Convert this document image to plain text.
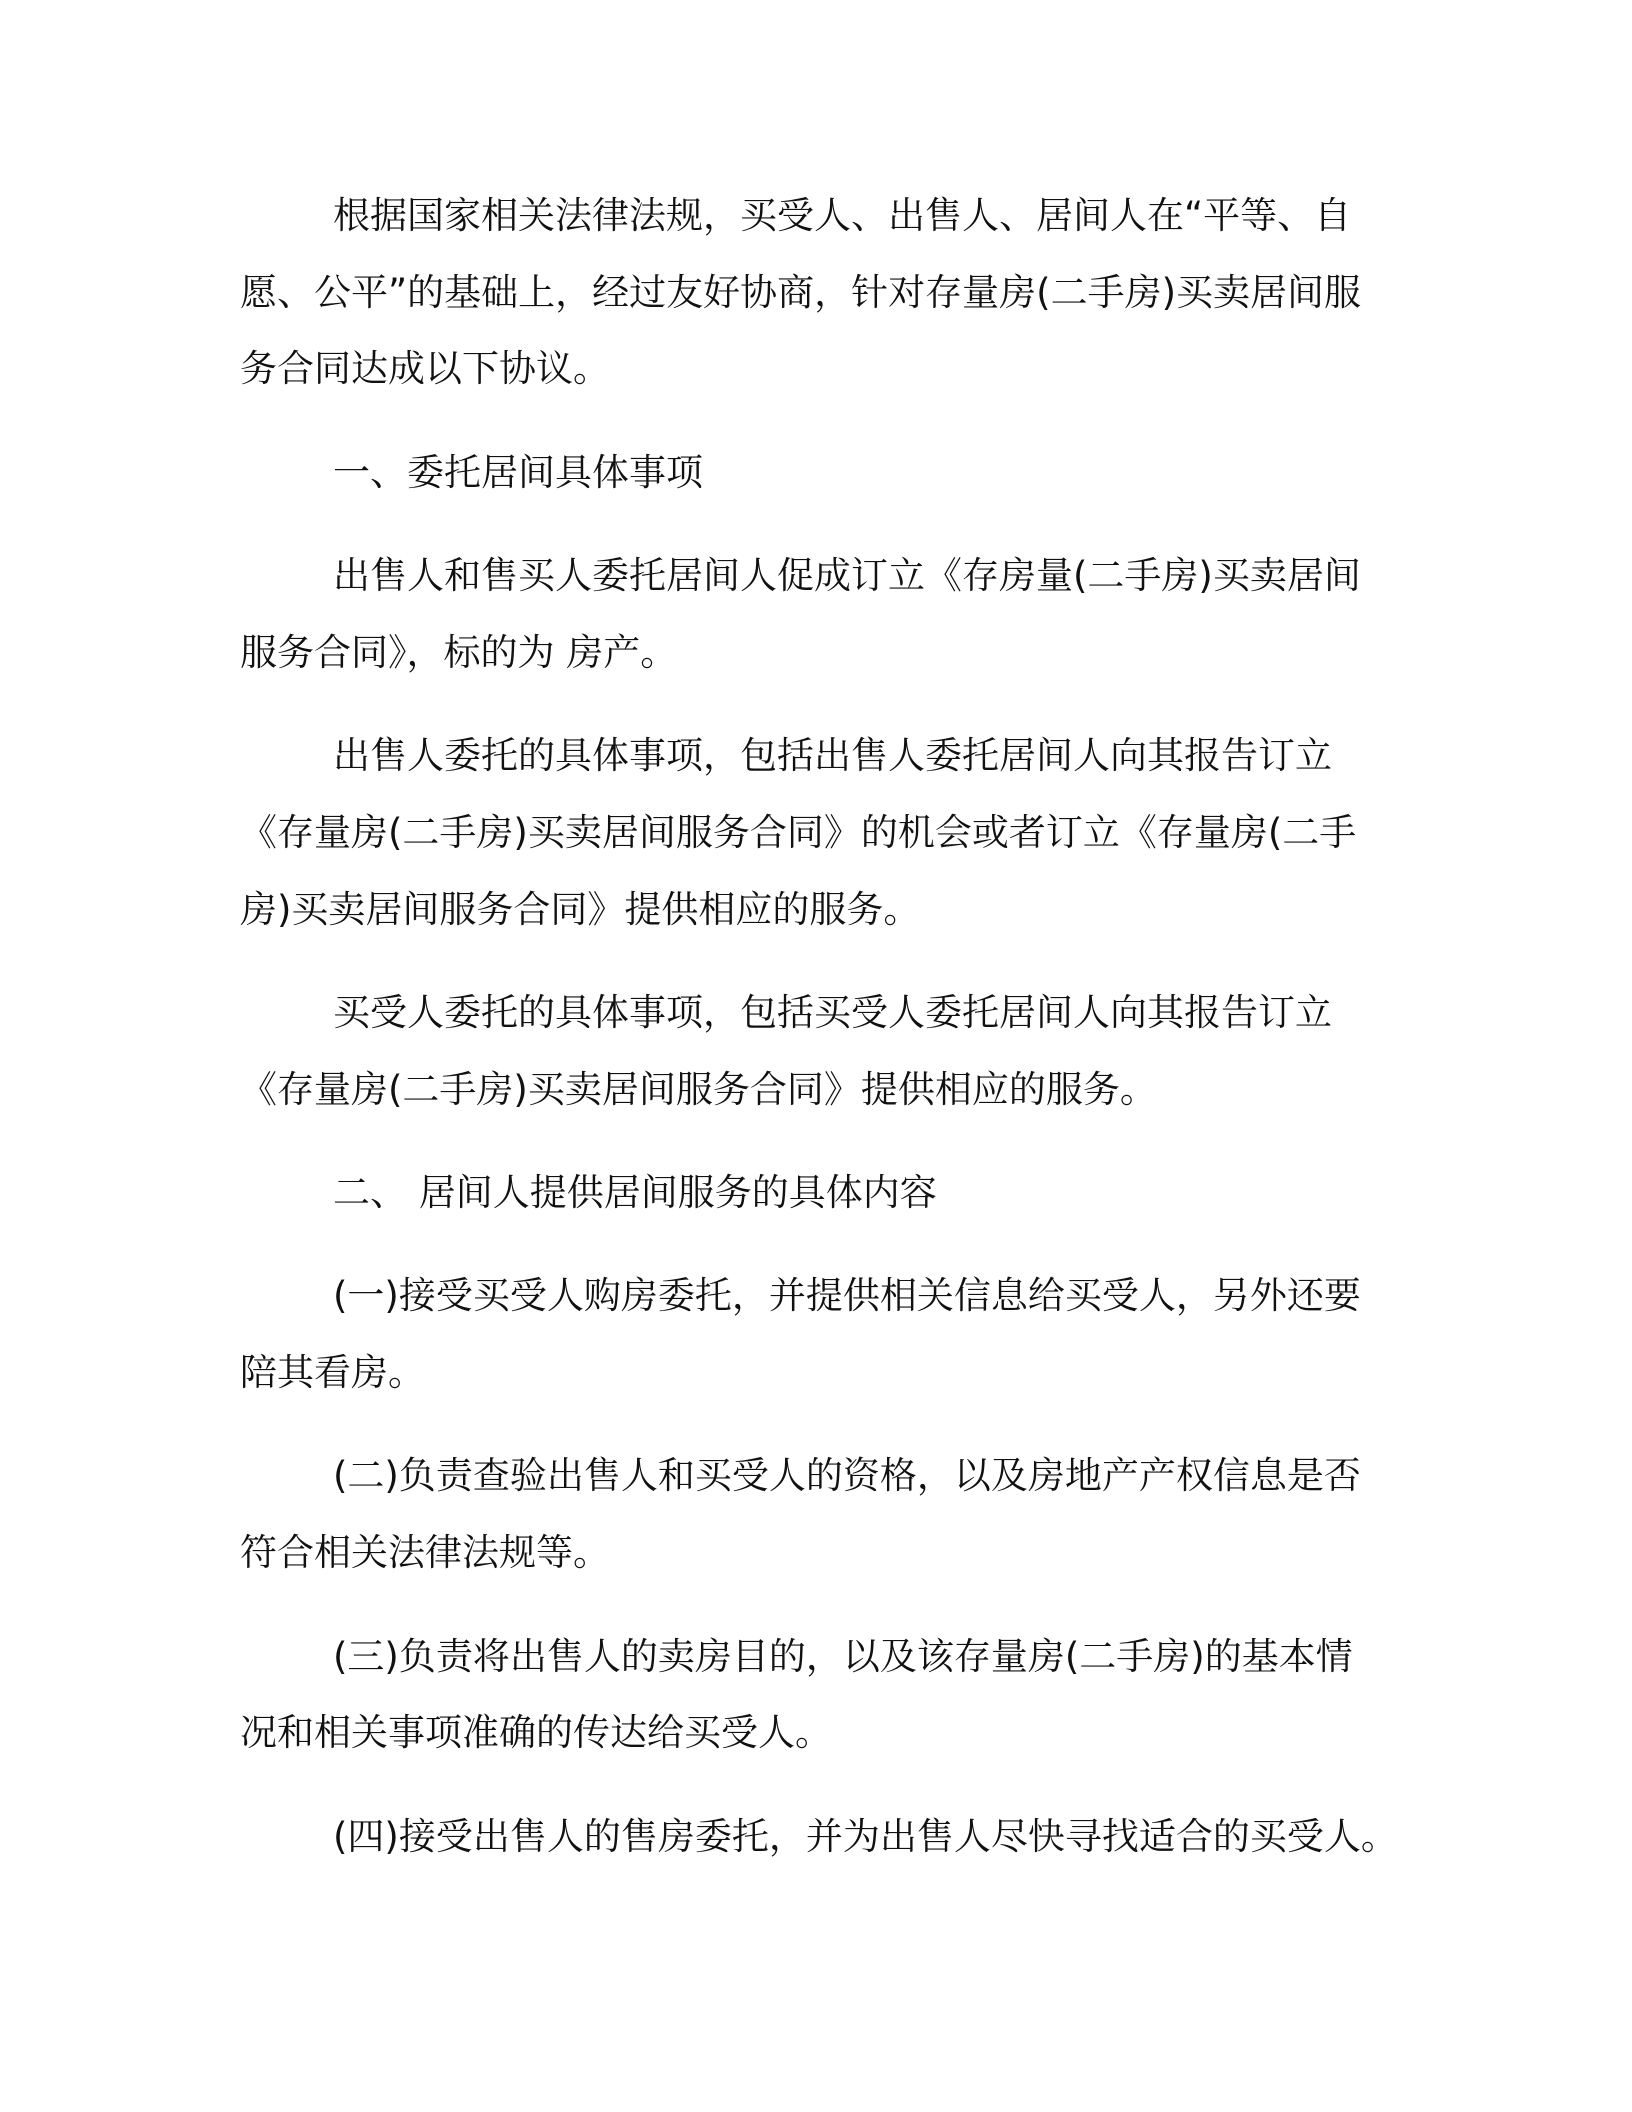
根据国家相关法律法规，买受人、出售人、居间人在“平等、自
愿、公平”的基础上，经过友好协商，针对存量房(二手房)买卖居间服
务合同达成以下协议。
一、委托居间具体事项
出售人和售买人委托居间人促成订立《存房量(二手房)买卖居间
服务合同》，标的为 房产。
出售人委托的具体事项，包括出售人委托居间人向其报告订立
《存量房(二手房)买卖居间服务合同》的机会或者订立《存量房(二手
房)买卖居间服务合同》提供相应的服务。
买受人委托的具体事项，包括买受人委托居间人向其报告订立
《存量房(二手房)买卖居间服务合同》提供相应的服务。
二、 居间人提供居间服务的具体内容
(一)接受买受人购房委托，并提供相关信息给买受人，另外还要
陪其看房。
(二)负责查验出售人和买受人的资格，以及房地产产权信息是否
符合相关法律法规等。
(三)负责将出售人的卖房目的，以及该存量房(二手房)的基本情
况和相关事项准确的传达给买受人。
(四)接受出售人的售房委托，并为出售人尽快寻找适合的买受人。
